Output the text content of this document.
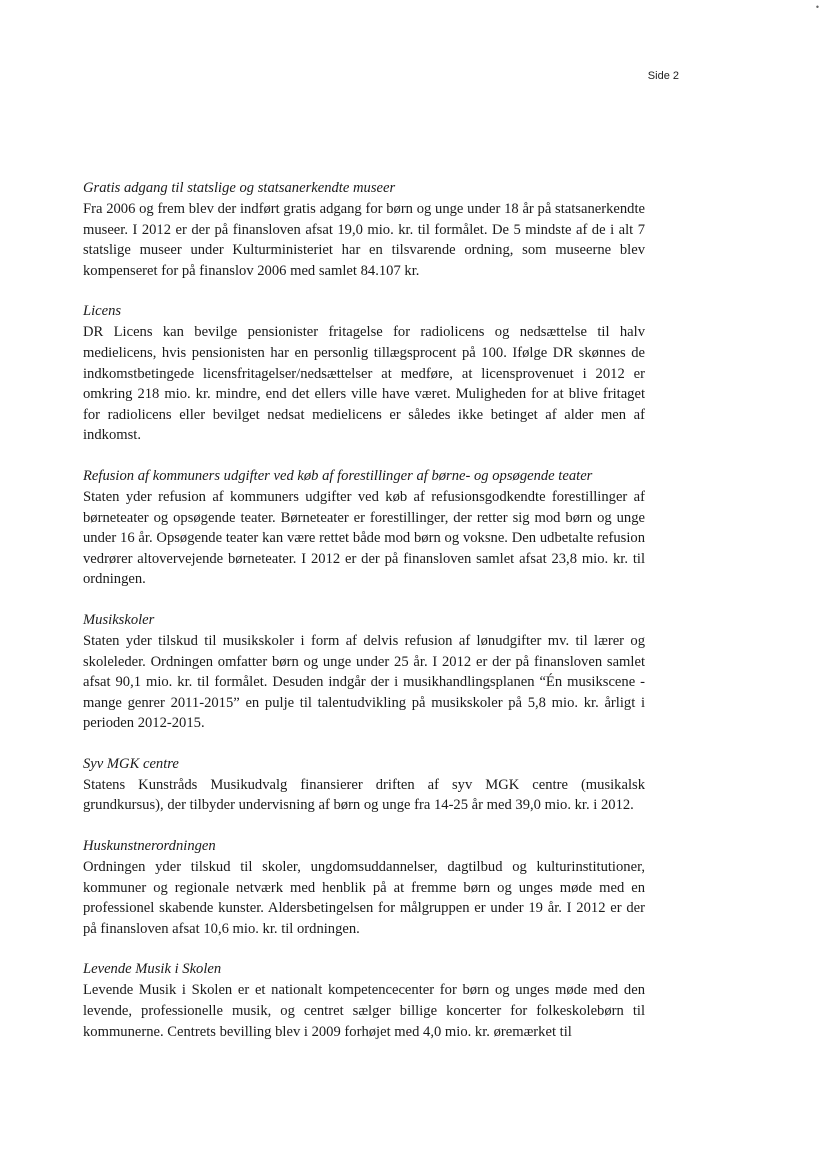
•
Side 2
Gratis adgang til statslige og statsanerkendte museer

Fra 2006 og frem blev der indført gratis adgang for børn og unge under 18 år på statsanerkendte museer. I 2012 er der på finansloven afsat 19,0 mio. kr. til formålet. De 5 mindste af de i alt 7 statslige museer under Kulturministeriet har en tilsvarende ordning, som museerne blev kompenseret for på finanslov 2006 med samlet 84.107 kr.

Licens

DR Licens kan bevilge pensionister fritagelse for radiolicens og nedsættelse til halv medielicens, hvis pensionisten har en personlig tillægsprocent på 100. Ifølge DR skønnes de indkomstbetingede licensfritagelser/nedsættelser at medføre, at licensprovenuet i 2012 er omkring 218 mio. kr. mindre, end det ellers ville have været. Muligheden for at blive fritaget for radiolicens eller bevilget nedsat medielicens er således ikke betinget af alder men af indkomst.

Refusion af kommuners udgifter ved køb af forestillinger af børne- og opsøgende teater

Staten yder refusion af kommuners udgifter ved køb af refusionsgodkendte forestillinger af børneteater og opsøgende teater. Børneteater er forestillinger, der retter sig mod børn og unge under 16 år. Opsøgende teater kan være rettet både mod børn og voksne. Den udbetalte refusion vedrører altovervejende børneteater. I 2012 er der på finansloven samlet afsat 23,8 mio. kr. til ordningen.

Musikskoler

Staten yder tilskud til musikskoler i form af delvis refusion af lønudgifter mv. til lærer og skoleleder. Ordningen omfatter børn og unge under 25 år. I 2012 er der på finansloven samlet afsat 90,1 mio. kr. til formålet. Desuden indgår der i musikhandlingsplanen “Én musikscene - mange genrer 2011-2015” en pulje til talentudvikling på musikskoler på 5,8 mio. kr. årligt i perioden 2012-2015.

Syv MGK centre

Statens Kunstråds Musikudvalg finansierer driften af syv MGK centre (musikalsk grundkursus), der tilbyder undervisning af børn og unge fra 14-25 år med 39,0 mio. kr. i 2012.

Huskunstnerordningen

Ordningen yder tilskud til skoler, ungdomsuddannelser, dagtilbud og kulturinstitutioner, kommuner og regionale netværk med henblik på at fremme børn og unges møde med en professionel skabende kunster. Aldersbetingelsen for målgruppen er under 19 år. I 2012 er der på finansloven afsat 10,6 mio. kr. til ordningen.

Levende Musik i Skolen

Levende Musik i Skolen er et nationalt kompetencecenter for børn og unges møde med den levende, professionelle musik, og centret sælger billige koncerter for folkeskolebørn til kommunerne. Centrets bevilling blev i 2009 forhøjet med 4,0 mio. kr. øremærket til
